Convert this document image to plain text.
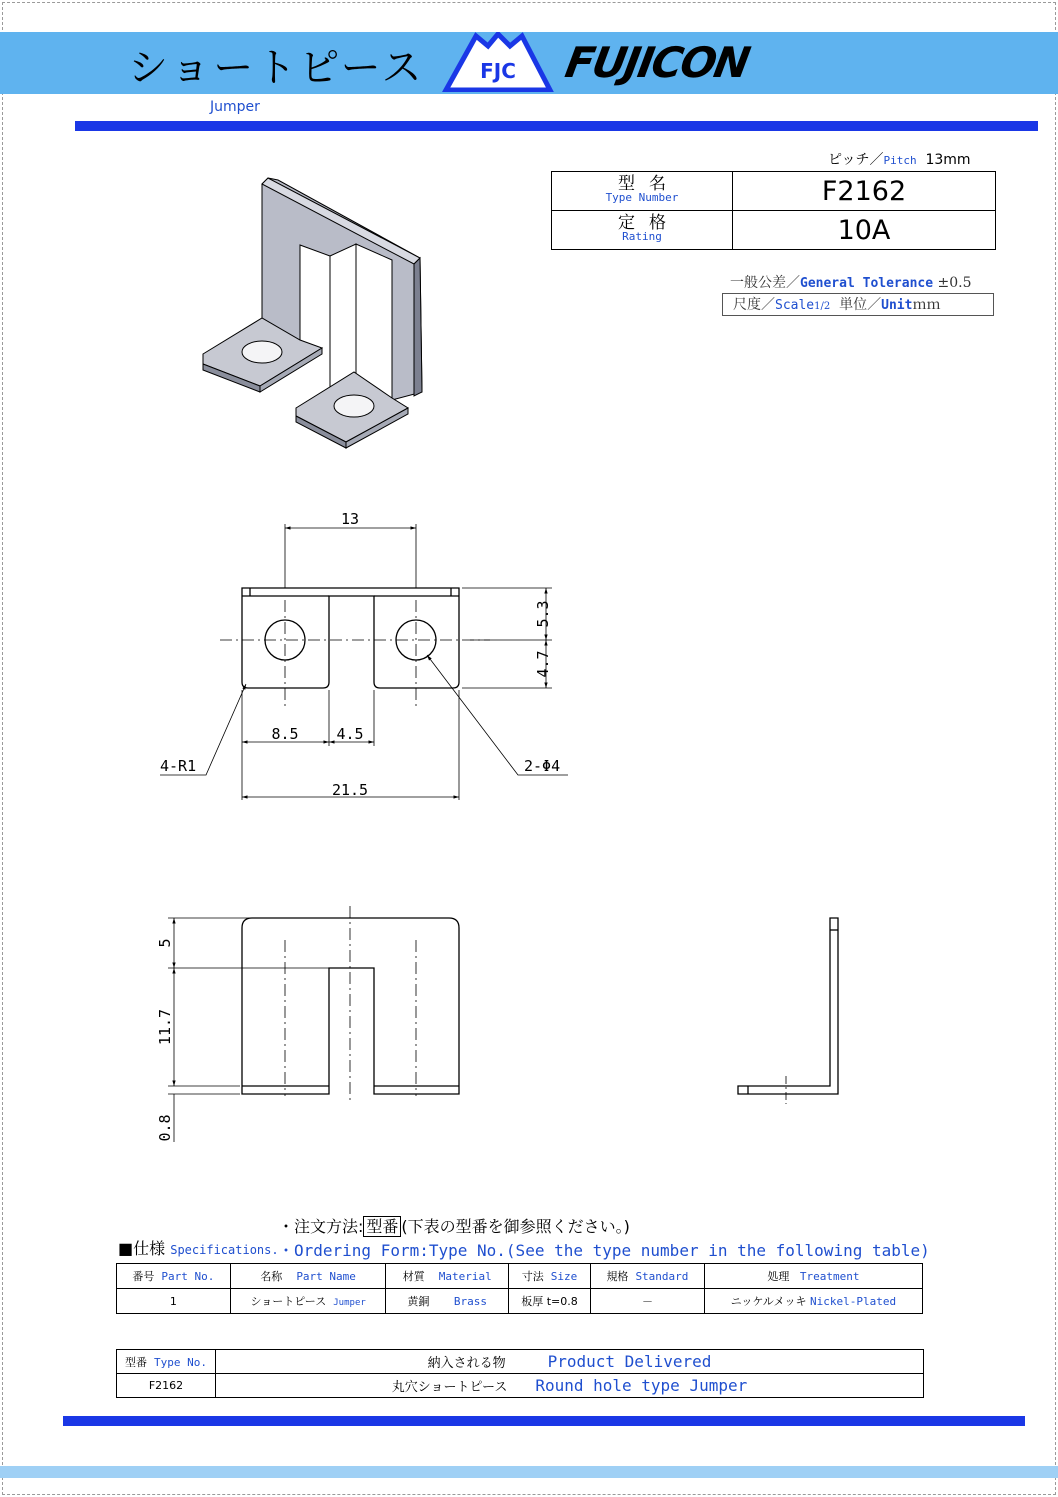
ショートピース	FJC FUJICON
Jumper
ピッチ／Pitch 13mm
型名
Type Number	F2162

定格
Rating	10A
一般公差／General Tolerance ±0.5
尺度／Scale1/2 単位／Unitｍｍ
13
5.3
4.7
8.5	4.5
21.5
4-R1	2-Φ4
5
11.7
0.8
・注文方法: 型番 (下表の型番を御参照ください。)
■仕様 Specifications. ・Ordering Form:Type No.(See the type number in the following table)
番号 Part No.	名称 Part Name	材質 Material	寸法 Size	規格 Standard	処理 Treatment
1	ショートピース Jumper	黄銅 Brass	板厚 t=0.8	－	ニッケルメッキ Nickel-Plated
型番 Type No.	納入される物 Product Delivered
F2162	丸穴ショートピース Round hole type Jumper
